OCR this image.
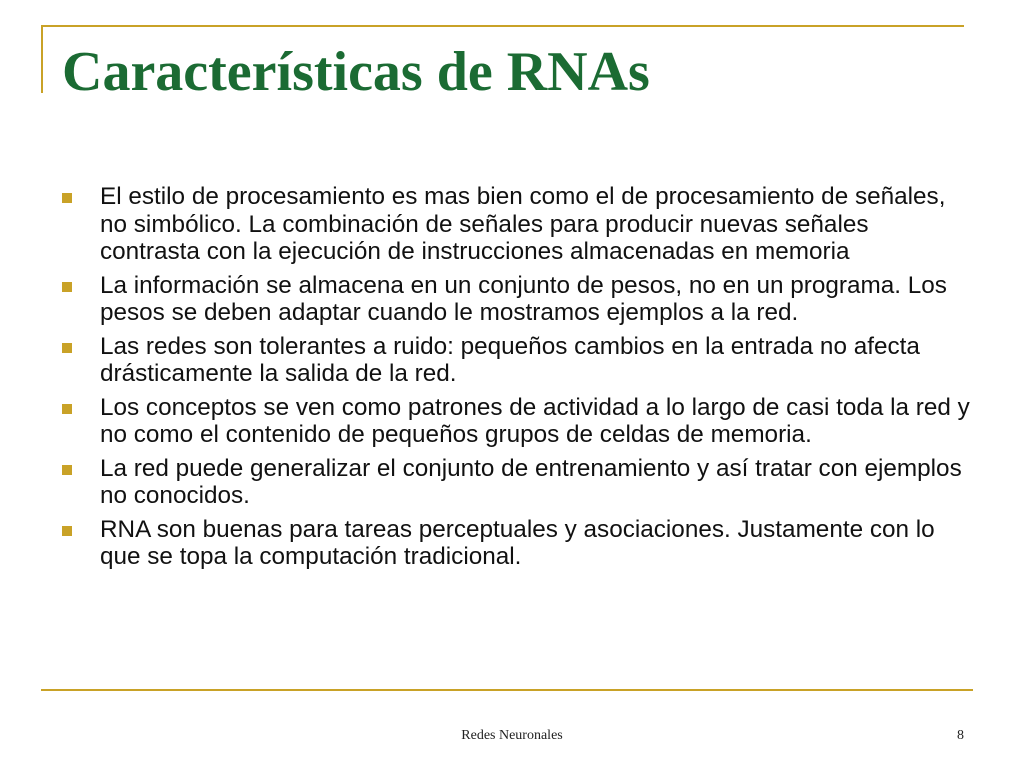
Características de RNAs
El estilo de procesamiento es mas bien como el de procesamiento de señales, no simbólico. La combinación de señales para producir nuevas señales contrasta con la ejecución de instrucciones almacenadas en memoria
La información se almacena en un conjunto de pesos, no en un programa. Los pesos se deben adaptar cuando le mostramos ejemplos a la red.
Las redes son tolerantes a ruido: pequeños cambios en la entrada no afecta drásticamente la salida de la red.
Los conceptos se ven como patrones de actividad a lo largo de casi toda la red y no como el contenido de pequeños grupos de celdas de memoria.
La red puede generalizar el conjunto de entrenamiento y así tratar con ejemplos no conocidos.
RNA son buenas para tareas perceptuales y asociaciones. Justamente con lo que se topa la computación tradicional.

Redes Neuronales	8
